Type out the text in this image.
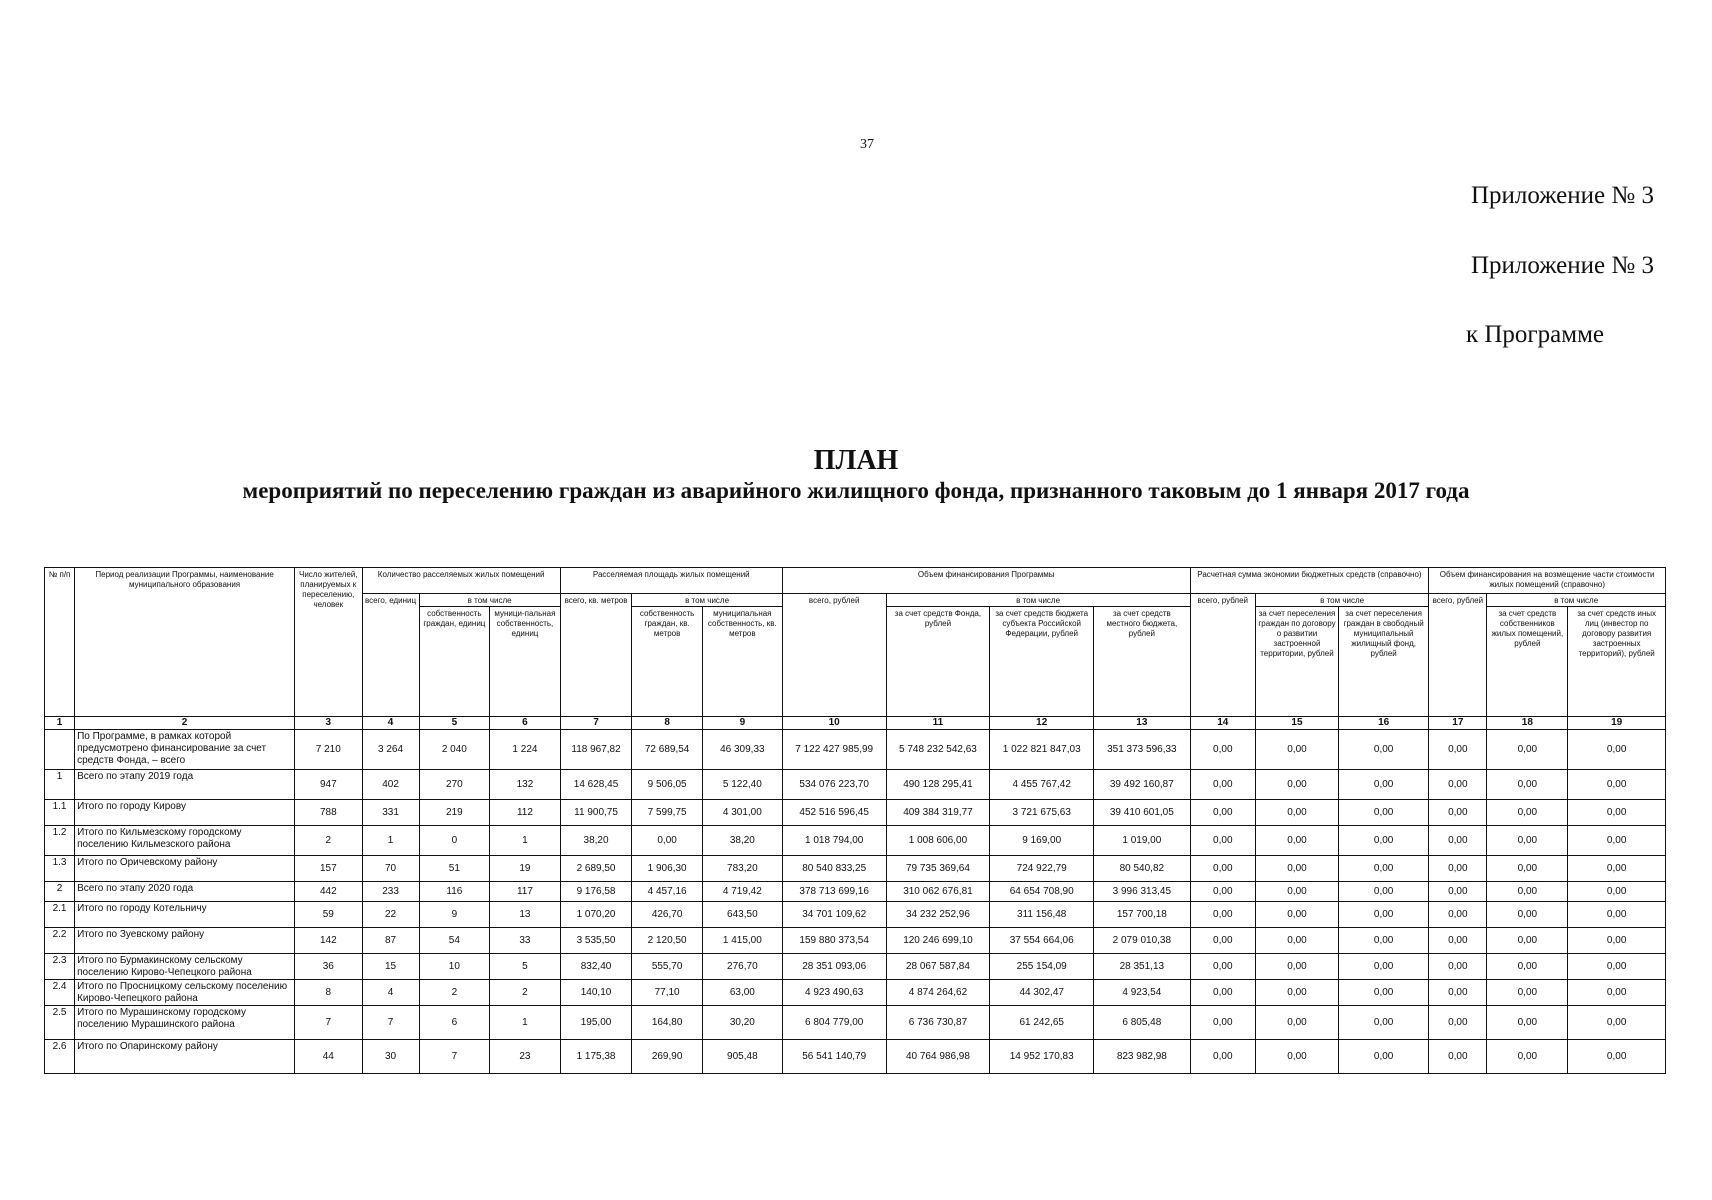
37
Приложение № 3
Приложение № 3
к Программе
ПЛАН
мероприятий по переселению граждан из аварийного жилищного фонда, признанного таковым до 1 января 2017 года
№ п/п	Период реализации Программы, наименование муниципального образования	Число жителей, планируемых к переселению, человек	Количество расселяемых жилых помещений			Расселяемая площадь жилых помещений			Объем финансирования Программы				Расчетная сумма экономии бюджетных средств (справочно)			Объем финансирования на возмещение части стоимости жилых помещений (справочно)		
			всего, единиц	в том числе		всего, кв. метров	в том числе		всего, рублей	в том числе			всего, рублей	в том числе		всего, рублей	в том числе	
				собственность граждан, единиц	муници-пальная собственность, единиц		собственность граждан, кв. метров	муниципальная собственность, кв. метров		за счет средств Фонда, рублей	за счет средств бюджета субъекта Российской Федерации, рублей	за счет средств местного бюджета, рублей		за счет переселения граждан по договору о развитии застроенной территории, рублей	за счет переселения граждан в свободный муниципальный жилищный фонд, рублей		за счет средств собственников жилых помещений, рублей	за счет средств иных лиц (инвестор по договору развития застроенных территорий), рублей
1	2	3	4	5	6	7	8	9	10	11	12	13	14	15	16	17	18	19
	По Программе, в рамках которой предусмотрено финансирование за счет средств Фонда, – всего	7 210	3 264	2 040	1 224	118 967,82	72 689,54	46 309,33	7 122 427 985,99	5 748 232 542,63	1 022 821 847,03	351 373 596,33	0,00	0,00	0,00	0,00	0,00	0,00
1	Всего по этапу 2019 года	947	402	270	132	14 628,45	9 506,05	5 122,40	534 076 223,70	490 128 295,41	4 455 767,42	39 492 160,87	0,00	0,00	0,00	0,00	0,00	0,00
1.1	Итого по городу Кирову	788	331	219	112	11 900,75	7 599,75	4 301,00	452 516 596,45	409 384 319,77	3 721 675,63	39 410 601,05	0,00	0,00	0,00	0,00	0,00	0,00
1.2	Итого по Кильмезскому городскому поселению Кильмезского района	2	1	0	1	38,20	0,00	38,20	1 018 794,00	1 008 606,00	9 169,00	1 019,00	0,00	0,00	0,00	0,00	0,00	0,00
1.3	Итого по Оричевскому району	157	70	51	19	2 689,50	1 906,30	783,20	80 540 833,25	79 735 369,64	724 922,79	80 540,82	0,00	0,00	0,00	0,00	0,00	0,00
2	Всего по этапу 2020 года	442	233	116	117	9 176,58	4 457,16	4 719,42	378 713 699,16	310 062 676,81	64 654 708,90	3 996 313,45	0,00	0,00	0,00	0,00	0,00	0,00
2.1	Итого по городу Котельничу	59	22	9	13	1 070,20	426,70	643,50	34 701 109,62	34 232 252,96	311 156,48	157 700,18	0,00	0,00	0,00	0,00	0,00	0,00
2.2	Итого по Зуевскому району	142	87	54	33	3 535,50	2 120,50	1 415,00	159 880 373,54	120 246 699,10	37 554 664,06	2 079 010,38	0,00	0,00	0,00	0,00	0,00	0,00
2.3	Итого по Бурмакинскому сельскому поселению Кирово-Чепецкого района	36	15	10	5	832,40	555,70	276,70	28 351 093,06	28 067 587,84	255 154,09	28 351,13	0,00	0,00	0,00	0,00	0,00	0,00
2.4	Итого по Просницкому сельскому поселению Кирово-Чепецкого района	8	4	2	2	140,10	77,10	63,00	4 923 490,63	4 874 264,62	44 302,47	4 923,54	0,00	0,00	0,00	0,00	0,00	0,00
2.5	Итого по Мурашинскому городскому поселению Мурашинского района	7	7	6	1	195,00	164,80	30,20	6 804 779,00	6 736 730,87	61 242,65	6 805,48	0,00	0,00	0,00	0,00	0,00	0,00
2.6	Итого по Опаринскому району	44	30	7	23	1 175,38	269,90	905,48	56 541 140,79	40 764 986,98	14 952 170,83	823 982,98	0,00	0,00	0,00	0,00	0,00	0,00
